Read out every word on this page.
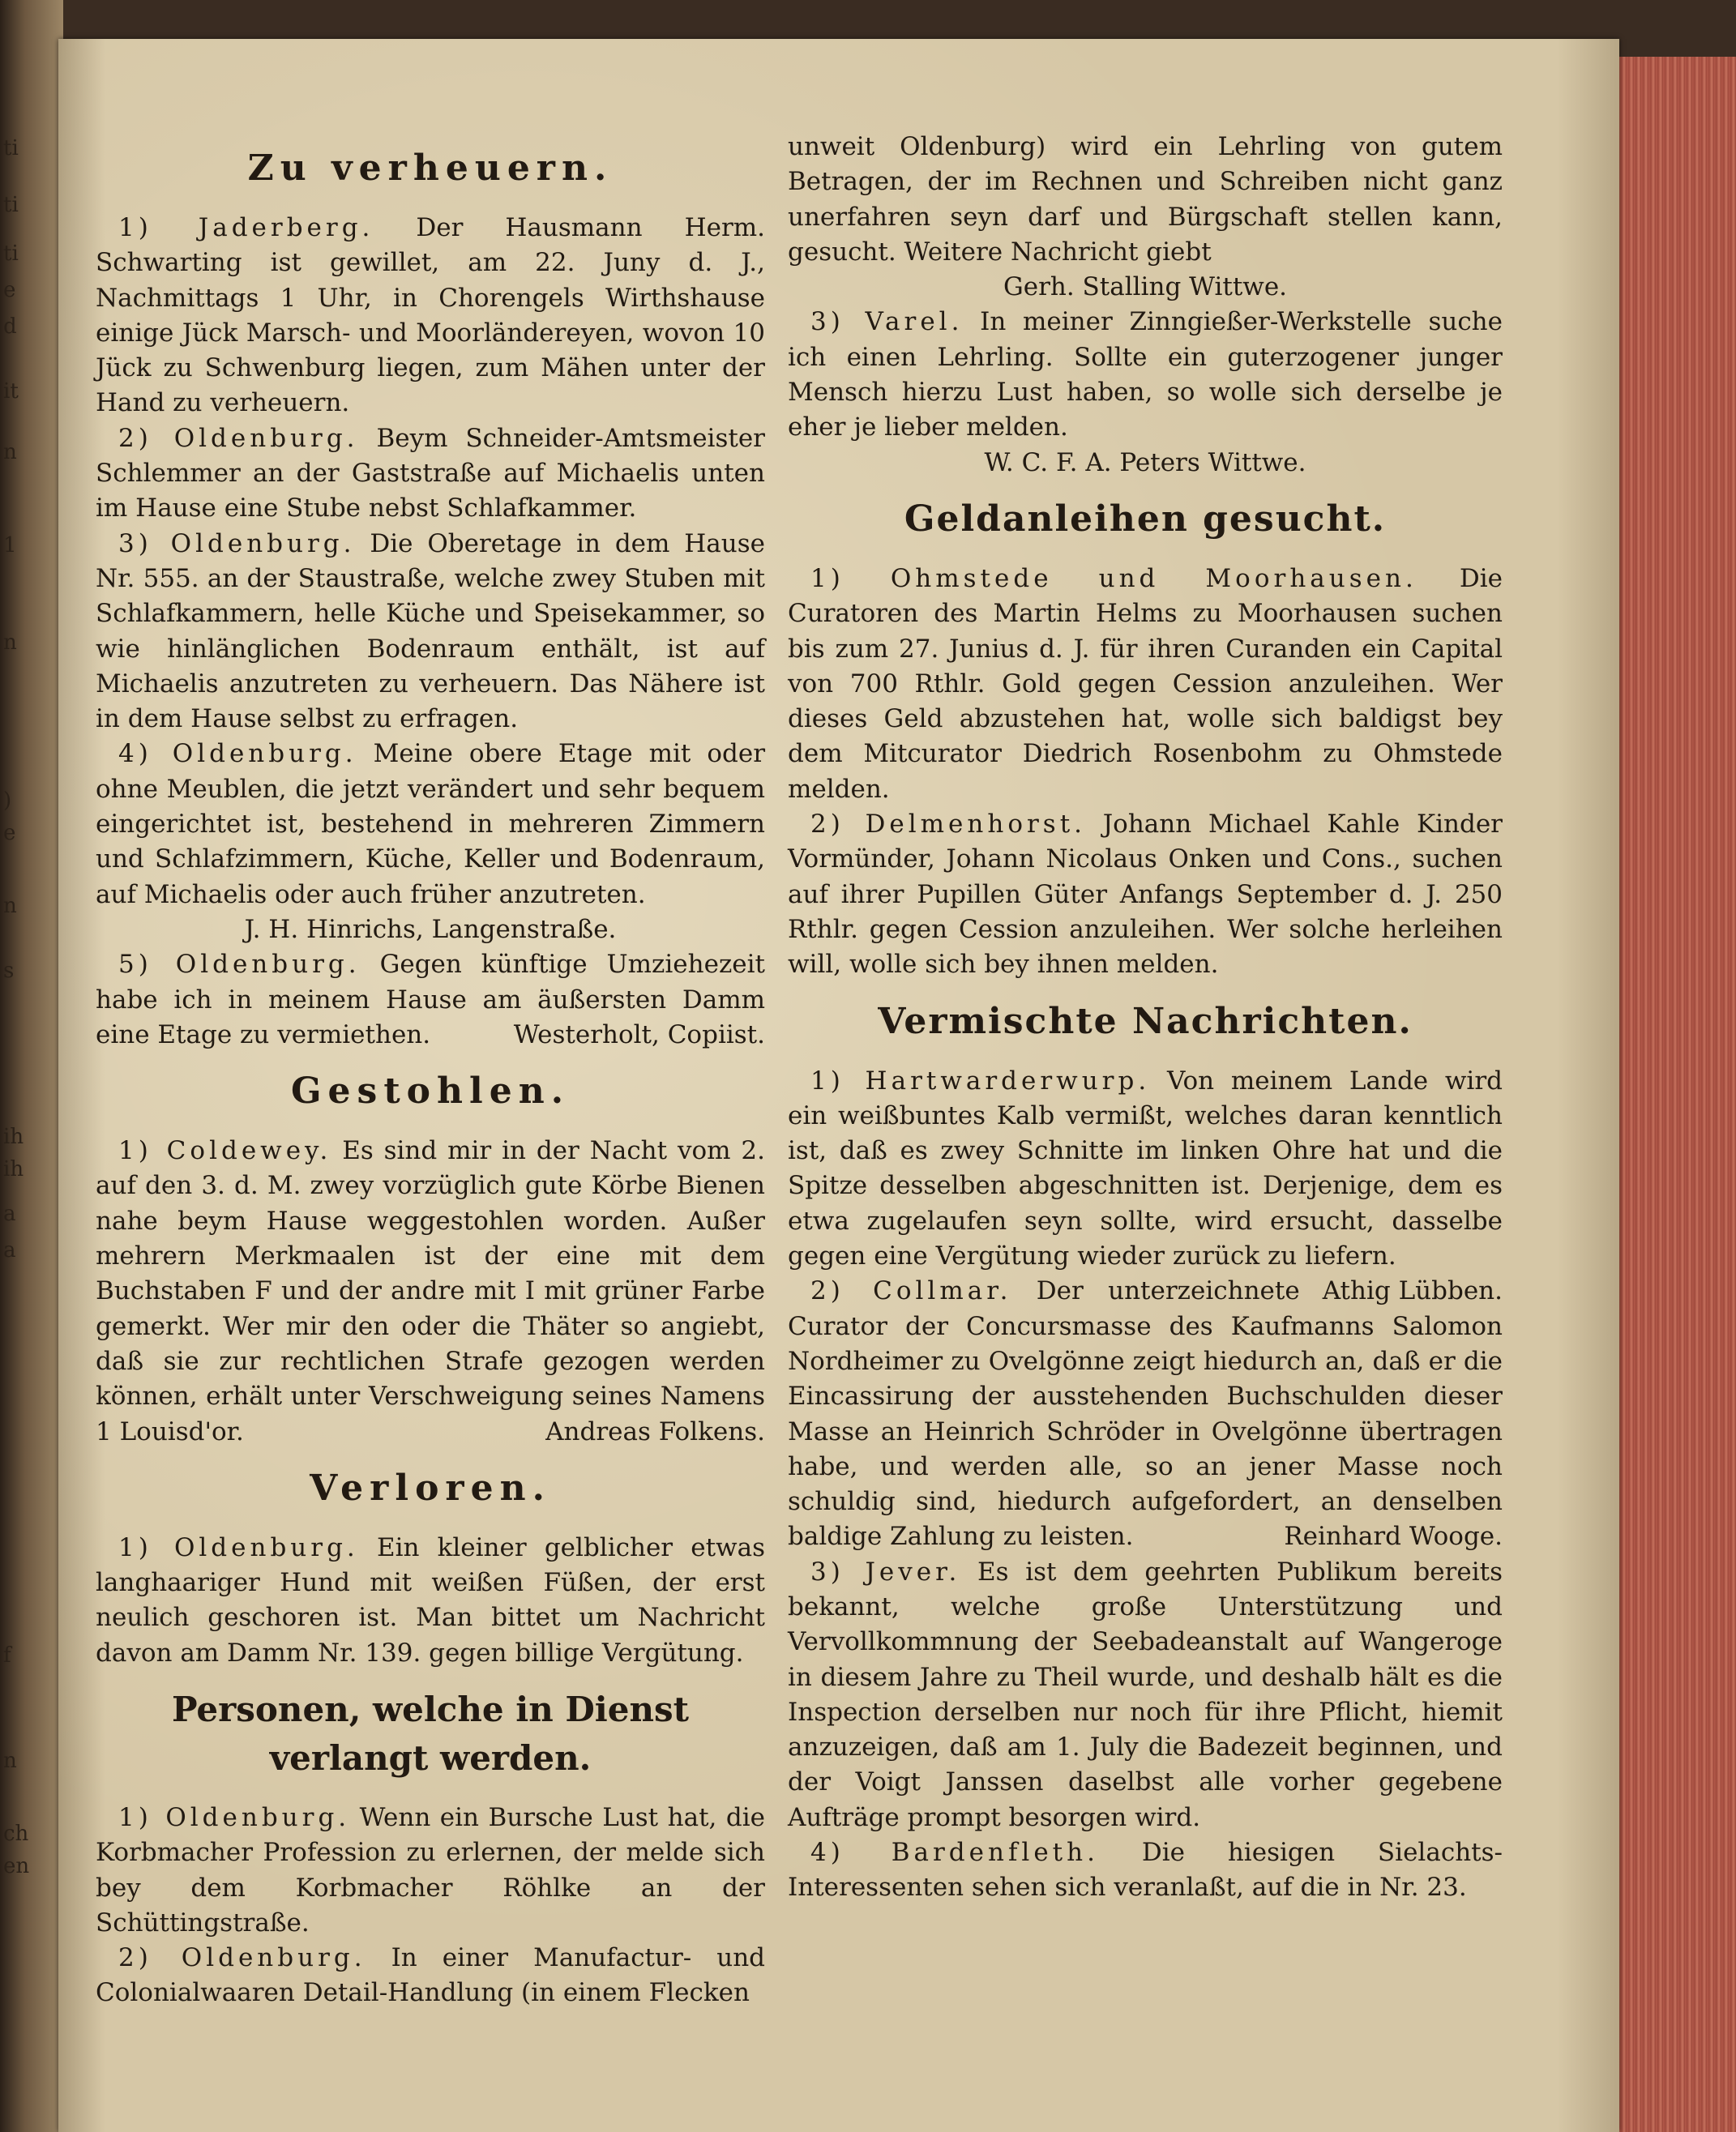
ti
ti
ti
e
d
it
n
1
n
)
e
n
s
ih
ih
a
a
f
n
ch
en
Zu verheuern.

1) Jaderberg. Der Hausmann Herm. Schwarting ist gewillet, am 22. Juny d. J., Nachmittags 1 Uhr, in Chorengels Wirthshause einige Jück Marsch- und Moorländereyen, wovon 10 Jück zu Schwenburg liegen, zum Mähen unter der Hand zu verheuern.

2) Oldenburg. Beym Schneider-Amtsmeister Schlemmer an der Gaststraße auf Michaelis unten im Hause eine Stube nebst Schlafkammer.

3) Oldenburg. Die Oberetage in dem Hause Nr. 555. an der Staustraße, welche zwey Stuben mit Schlafkammern, helle Küche und Speisekammer, so wie hinlänglichen Bodenraum enthält, ist auf Michaelis anzutreten zu verheuern. Das Nähere ist in dem Hause selbst zu erfragen.

4) Oldenburg. Meine obere Etage mit oder ohne Meublen, die jetzt verändert und sehr bequem eingerichtet ist, bestehend in mehreren Zimmern und Schlafzimmern, Küche, Keller und Bodenraum, auf Michaelis oder auch früher anzutreten.

J. H. Hinrichs, Langenstraße.

5) Oldenburg. Gegen künftige Umziehezeit habe ich in meinem Hause am äußersten Damm eine Etage zu vermiethen.	Westerholt, Copiist.

Gestohlen.

1) Coldewey. Es sind mir in der Nacht vom 2. auf den 3. d. M. zwey vorzüglich gute Körbe Bienen nahe beym Hause weggestohlen worden. Außer mehrern Merkmaalen ist der eine mit dem Buchstaben F und der andre mit I mit grüner Farbe gemerkt. Wer mir den oder die Thäter so angiebt, daß sie zur rechtlichen Strafe gezogen werden können, erhält unter Verschweigung seines Namens 1 Louisd'or.	Andreas Folkens.

Verloren.

1) Oldenburg. Ein kleiner gelblicher etwas langhaariger Hund mit weißen Füßen, der erst neulich geschoren ist. Man bittet um Nachricht davon am Damm Nr. 139. gegen billige Vergütung.

Personen, welche in Dienst verlangt werden.

1) Oldenburg. Wenn ein Bursche Lust hat, die Korbmacher Profession zu erlernen, der melde sich bey dem Korbmacher Röhlke an der Schüttingstraße.

2) Oldenburg. In einer Manufactur- und Colonialwaaren Detail-Handlung (in einem Flecken

unweit Oldenburg) wird ein Lehrling von gutem Betragen, der im Rechnen und Schreiben nicht ganz unerfahren seyn darf und Bürgschaft stellen kann, gesucht. Weitere Nachricht giebt

Gerh. Stalling Wittwe.

3) Varel. In meiner Zinngießer-Werkstelle suche ich einen Lehrling. Sollte ein guterzogener junger Mensch hierzu Lust haben, so wolle sich derselbe je eher je lieber melden.

W. C. F. A. Peters Wittwe.

Geldanleihen gesucht.

1) Ohmstede und Moorhausen. Die Curatoren des Martin Helms zu Moorhausen suchen bis zum 27. Junius d. J. für ihren Curanden ein Capital von 700 Rthlr. Gold gegen Cession anzuleihen. Wer dieses Geld abzustehen hat, wolle sich baldigst bey dem Mitcurator Diedrich Rosenbohm zu Ohmstede melden.

2) Delmenhorst. Johann Michael Kahle Kinder Vormünder, Johann Nicolaus Onken und Cons., suchen auf ihrer Pupillen Güter Anfangs September d. J. 250 Rthlr. gegen Cession anzuleihen. Wer solche herleihen will, wolle sich bey ihnen melden.

Vermischte Nachrichten.

1) Hartwarderwurp. Von meinem Lande wird ein weißbuntes Kalb vermißt, welches daran kenntlich ist, daß es zwey Schnitte im linken Ohre hat und die Spitze desselben abgeschnitten ist. Derjenige, dem es etwa zugelaufen seyn sollte, wird ersucht, dasselbe gegen eine Vergütung wieder zurück zu liefern.
Athig Lübben.

2) Collmar. Der unterzeichnete Curator der Concursmasse des Kaufmanns Salomon Nordheimer zu Ovelgönne zeigt hiedurch an, daß er die Eincassirung der ausstehenden Buchschulden dieser Masse an Heinrich Schröder in Ovelgönne übertragen habe, und werden alle, so an jener Masse noch schuldig sind, hiedurch aufgefordert, an denselben baldige Zahlung zu leisten.	Reinhard Wooge.

3) Jever. Es ist dem geehrten Publikum bereits bekannt, welche große Unterstützung und Vervollkommnung der Seebadeanstalt auf Wangeroge in diesem Jahre zu Theil wurde, und deshalb hält es die Inspection derselben nur noch für ihre Pflicht, hiemit anzuzeigen, daß am 1. July die Badezeit beginnen, und der Voigt Janssen daselbst alle vorher gegebene Aufträge prompt besorgen wird.

4) Bardenfleth. Die hiesigen Sielachts-Interessenten sehen sich veranlaßt, auf die in Nr. 23.
